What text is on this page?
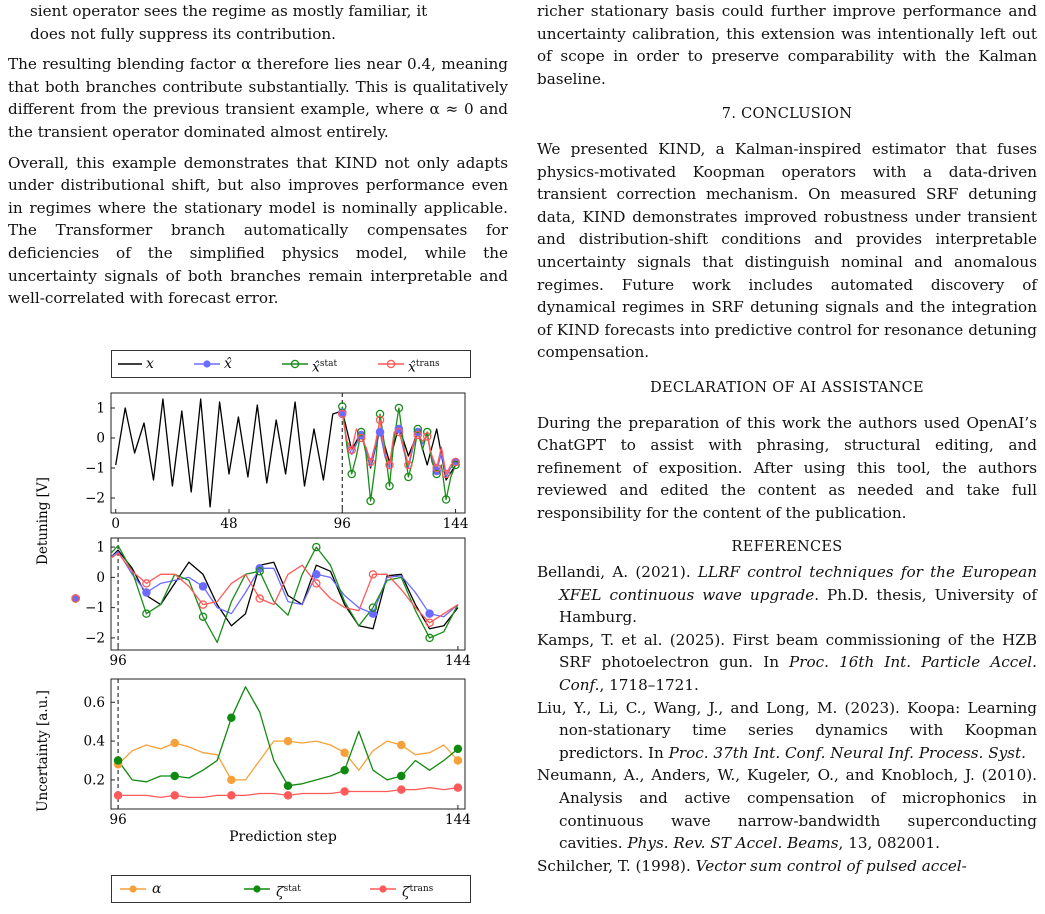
sient operator sees the regime as mostly familiar, it

does not fully suppress its contribution.

The resulting blending factor α therefore lies near 0.4, meaning that both branches contribute substantially. This is qualitatively different from the previous transient example, where α ≈ 0 and the transient operator dominated almost entirely.

Overall, this example demonstrates that KIND not only adapts under distributional shift, but also improves performance even in regimes where the stationary model is nominally applicable. The Transformer branch automatically compensates for deficiencies of the simplified physics model, while the uncertainty signals of both branches remain interpretable and well-correlated with forecast error.

x	x̂	x̂$^{stat}$	x̂$^{trans}$
0	48	96	144
1
0
−1
−2
96	144
1
0
−1
−2
96	144
0.6
0.4
0.2
Detuning [V]
Uncertainty [a.u.]
Prediction step
α	$\zeta^{stat}$	$\zeta^{trans}$

richer stationary basis could further improve performance and uncertainty calibration, this extension was intentionally left out of scope in order to preserve comparability with the Kalman baseline.

7. CONCLUSION

We presented KIND, a Kalman-inspired estimator that fuses physics-motivated Koopman operators with a data-driven transient correction mechanism. On measured SRF detuning data, KIND demonstrates improved robustness under transient and distribution-shift conditions and provides interpretable uncertainty signals that distinguish nominal and anomalous regimes. Future work includes automated discovery of dynamical regimes in SRF detuning signals and the integration of KIND forecasts into predictive control for resonance detuning compensation.

DECLARATION OF AI ASSISTANCE

During the preparation of this work the authors used OpenAI’s ChatGPT to assist with phrasing, structural editing, and refinement of exposition. After using this tool, the authors reviewed and edited the content as needed and take full responsibility for the content of the publication.

REFERENCES

Bellandi, A. (2021). LLRF control techniques for the European XFEL continuous wave upgrade. Ph.D. thesis, University of Hamburg.

Kamps, T. et al. (2025). First beam commissioning of the HZB SRF photoelectron gun. In Proc. 16th Int. Particle Accel. Conf., 1718–1721.

Liu, Y., Li, C., Wang, J., and Long, M. (2023). Koopa: Learning non-stationary time series dynamics with Koopman predictors. In Proc. 37th Int. Conf. Neural Inf. Process. Syst.

Neumann, A., Anders, W., Kugeler, O., and Knobloch, J. (2010). Analysis and active compensation of microphonics in continuous wave narrow-bandwidth superconducting cavities. Phys. Rev. ST Accel. Beams, 13, 082001.

Schilcher, T. (1998). Vector sum control of pulsed accel-
